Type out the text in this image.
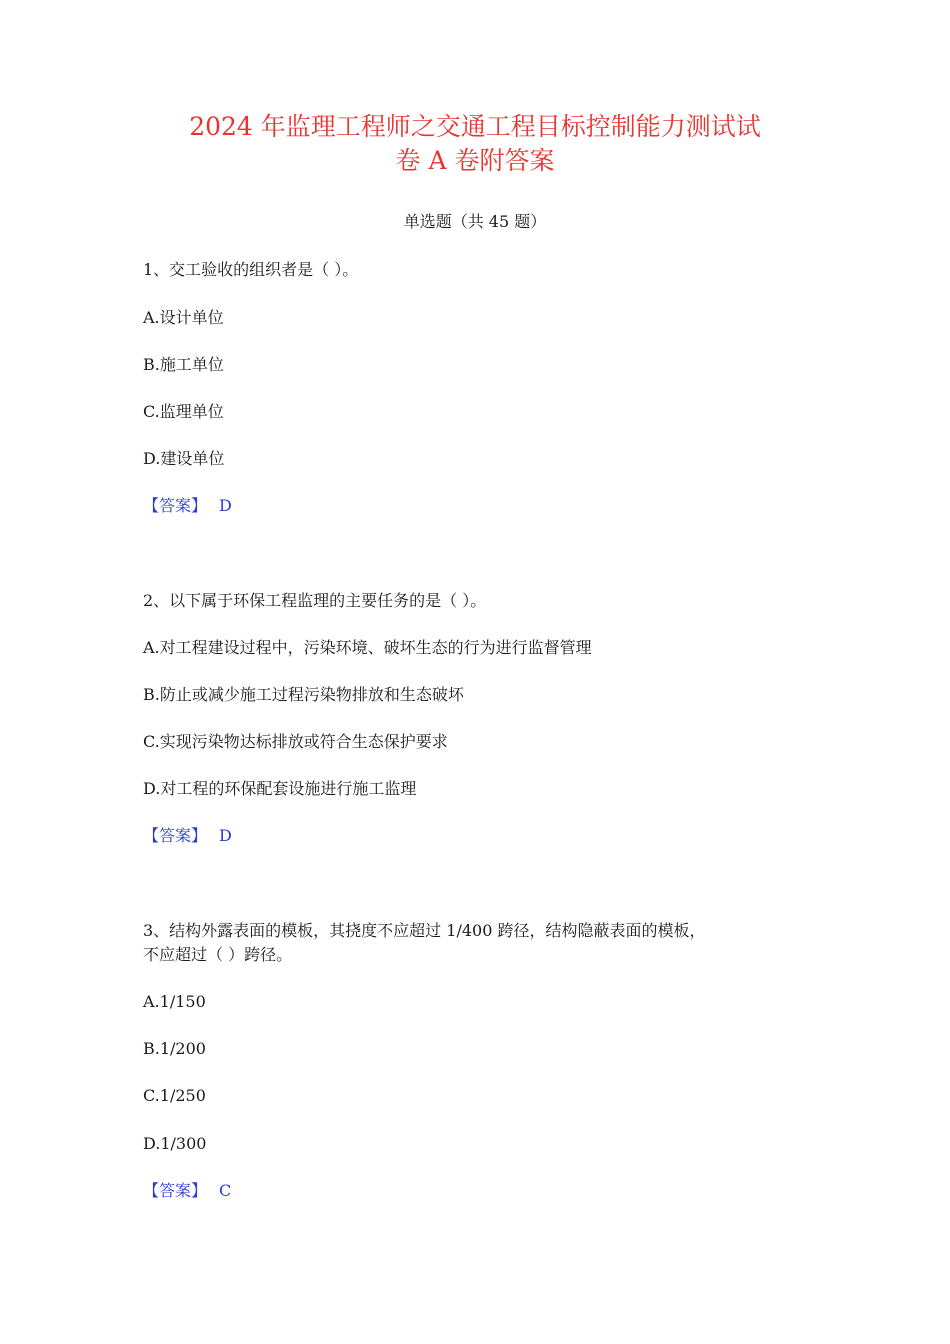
2024 年监理工程师之交通工程目标控制能力测试试
卷 A 卷附答案
单选题（共 45 题）
1、交工验收的组织者是（ ）。
A.设计单位
B.施工单位
C.监理单位
D.建设单位
【答案】 D
2、以下属于环保工程监理的主要任务的是（ ）。
A.对工程建设过程中，污染环境、破坏生态的行为进行监督管理
B.防止或减少施工过程污染物排放和生态破坏
C.实现污染物达标排放或符合生态保护要求
D.对工程的环保配套设施进行施工监理
【答案】 D
3、结构外露表面的模板，其挠度不应超过 1/400 跨径，结构隐蔽表面的模板，
不应超过（ ）跨径。
A.1/150
B.1/200
C.1/250
D.1/300
【答案】 C
